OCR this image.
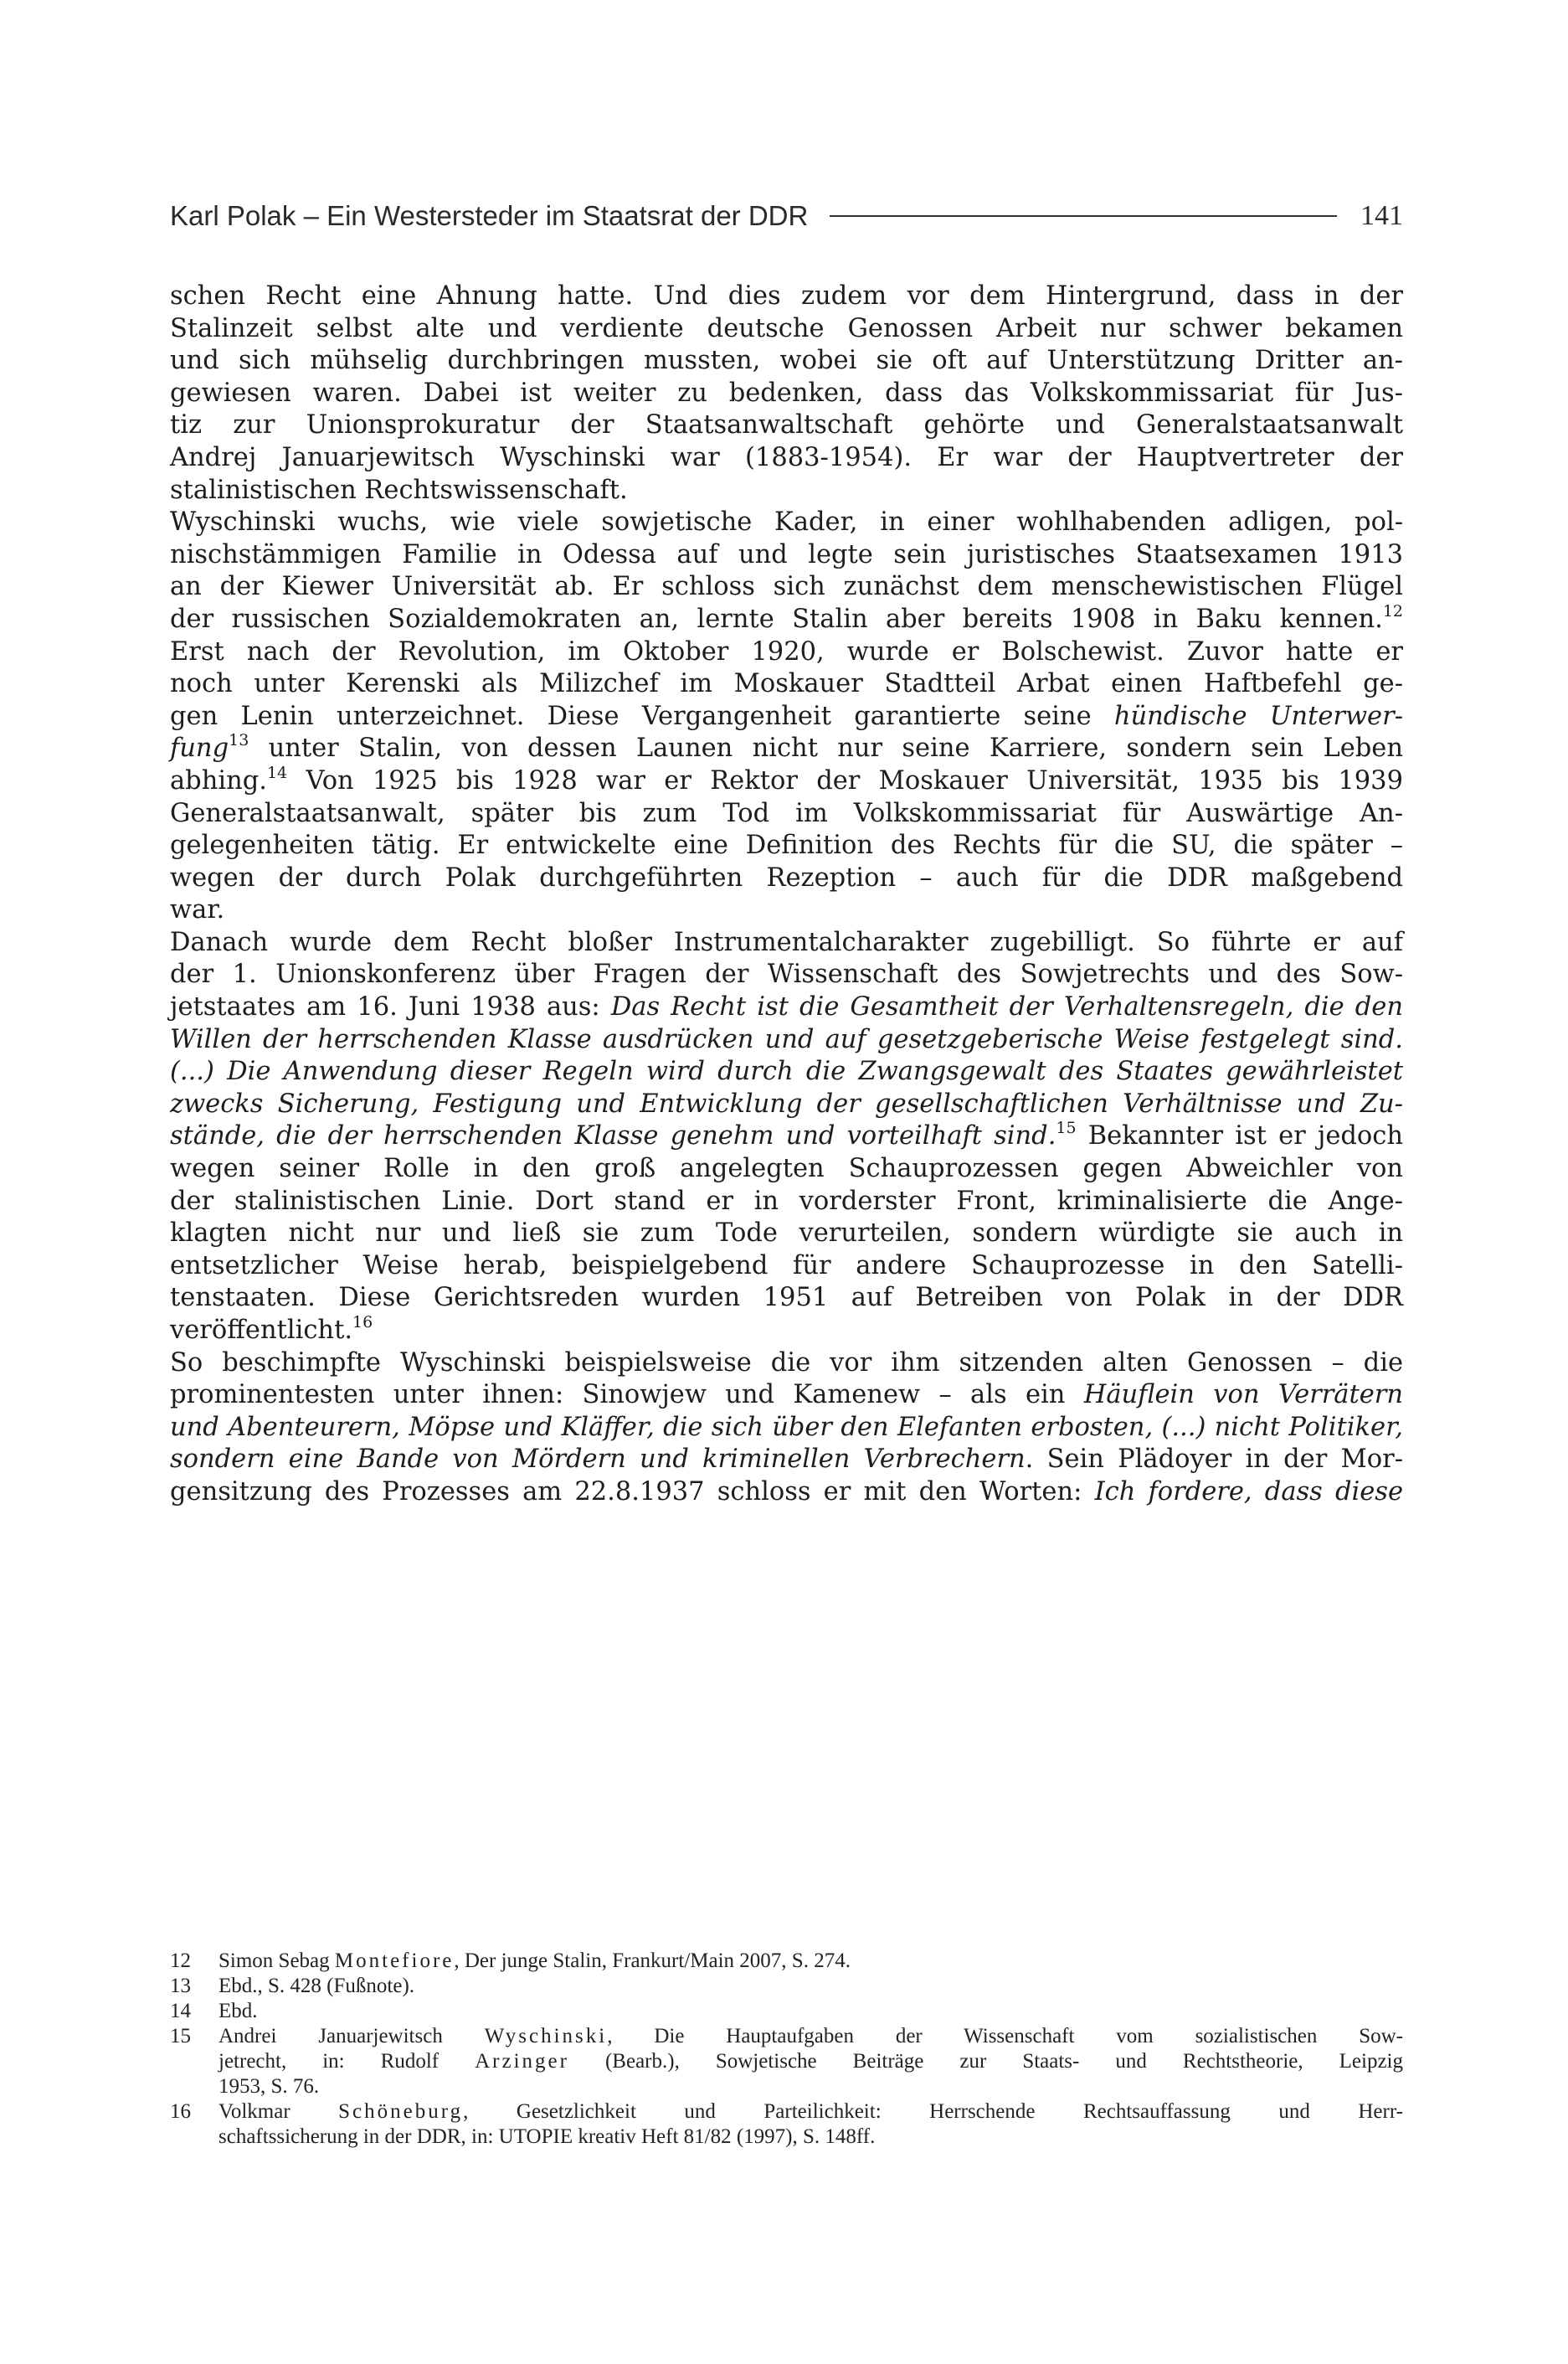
Karl Polak – Ein Westersteder im Staatsrat der DDR	141
schen Recht eine Ahnung hatte. Und dies zudem vor dem Hintergrund, dass in der
Stalinzeit selbst alte und verdiente deutsche Genossen Arbeit nur schwer bekamen
und sich mühselig durchbringen mussten, wobei sie oft auf Unterstützung Dritter an-
gewiesen waren. Dabei ist weiter zu bedenken, dass das Volkskommissariat für Jus-
tiz zur Unionsprokuratur der Staatsanwaltschaft gehörte und Generalstaatsanwalt
Andrej Januarjewitsch Wyschinski war (1883-1954). Er war der Hauptvertreter der
stalinistischen Rechtswissenschaft.
Wyschinski wuchs, wie viele sowjetische Kader, in einer wohlhabenden adligen, pol-
nischstämmigen Familie in Odessa auf und legte sein juristisches Staatsexamen 1913
an der Kiewer Universität ab. Er schloss sich zunächst dem menschewistischen Flügel
der russischen Sozialdemokraten an, lernte Stalin aber bereits 1908 in Baku kennen.$^{12}$
Erst nach der Revolution, im Oktober 1920, wurde er Bolschewist. Zuvor hatte er
noch unter Kerenski als Milizchef im Moskauer Stadtteil Arbat einen Haftbefehl ge-
gen Lenin unterzeichnet. Diese Vergangenheit garantierte seine hündische Unterwer-
fung$^{13}$ unter Stalin, von dessen Launen nicht nur seine Karriere, sondern sein Leben
abhing.$^{14}$ Von 1925 bis 1928 war er Rektor der Moskauer Universität, 1935 bis 1939
Generalstaatsanwalt, später bis zum Tod im Volkskommissariat für Auswärtige An-
gelegenheiten tätig. Er entwickelte eine Definition des Rechts für die SU, die später –
wegen der durch Polak durchgeführten Rezeption – auch für die DDR maßgebend
war.
Danach wurde dem Recht bloßer Instrumentalcharakter zugebilligt. So führte er auf
der 1. Unionskonferenz über Fragen der Wissenschaft des Sowjetrechts und des Sow-
jetstaates am 16. Juni 1938 aus: Das Recht ist die Gesamtheit der Verhaltensregeln, die den
Willen der herrschenden Klasse ausdrücken und auf gesetzgeberische Weise festgelegt sind.
(...) Die Anwendung dieser Regeln wird durch die Zwangsgewalt des Staates gewährleistet
zwecks Sicherung, Festigung und Entwicklung der gesellschaftlichen Verhältnisse und Zu-
stände, die der herrschenden Klasse genehm und vorteilhaft sind.$^{15}$ Bekannter ist er jedoch
wegen seiner Rolle in den groß angelegten Schauprozessen gegen Abweichler von
der stalinistischen Linie. Dort stand er in vorderster Front, kriminalisierte die Ange-
klagten nicht nur und ließ sie zum Tode verurteilen, sondern würdigte sie auch in
entsetzlicher Weise herab, beispielgebend für andere Schauprozesse in den Satelli-
tenstaaten. Diese Gerichtsreden wurden 1951 auf Betreiben von Polak in der DDR
veröffentlicht.$^{16}$
So beschimpfte Wyschinski beispielsweise die vor ihm sitzenden alten Genossen – die
prominentesten unter ihnen: Sinowjew und Kamenew – als ein Häuflein von Verrätern
und Abenteurern, Möpse und Kläffer, die sich über den Elefanten erbosten, (...) nicht Politiker,
sondern eine Bande von Mördern und kriminellen Verbrechern. Sein Plädoyer in der Mor-
gensitzung des Prozesses am 22.8.1937 schloss er mit den Worten: Ich fordere, dass diese
12	Simon Sebag Montefiore, Der junge Stalin, Frankurt/Main 2007, S. 274.
13	Ebd., S. 428 (Fußnote).
14	Ebd.
15	Andrei Januarjewitsch Wyschinski, Die Hauptaufgaben der Wissenschaft vom sozialistischen Sow-
jetrecht, in: Rudolf Arzinger (Bearb.), Sowjetische Beiträge zur Staats- und Rechtstheorie, Leipzig
1953, S. 76.
16	Volkmar Schöneburg, Gesetzlichkeit und Parteilichkeit: Herrschende Rechtsauffassung und Herr-
schaftssicherung in der DDR, in: UTOPIE kreativ Heft 81/82 (1997), S. 148ff.
